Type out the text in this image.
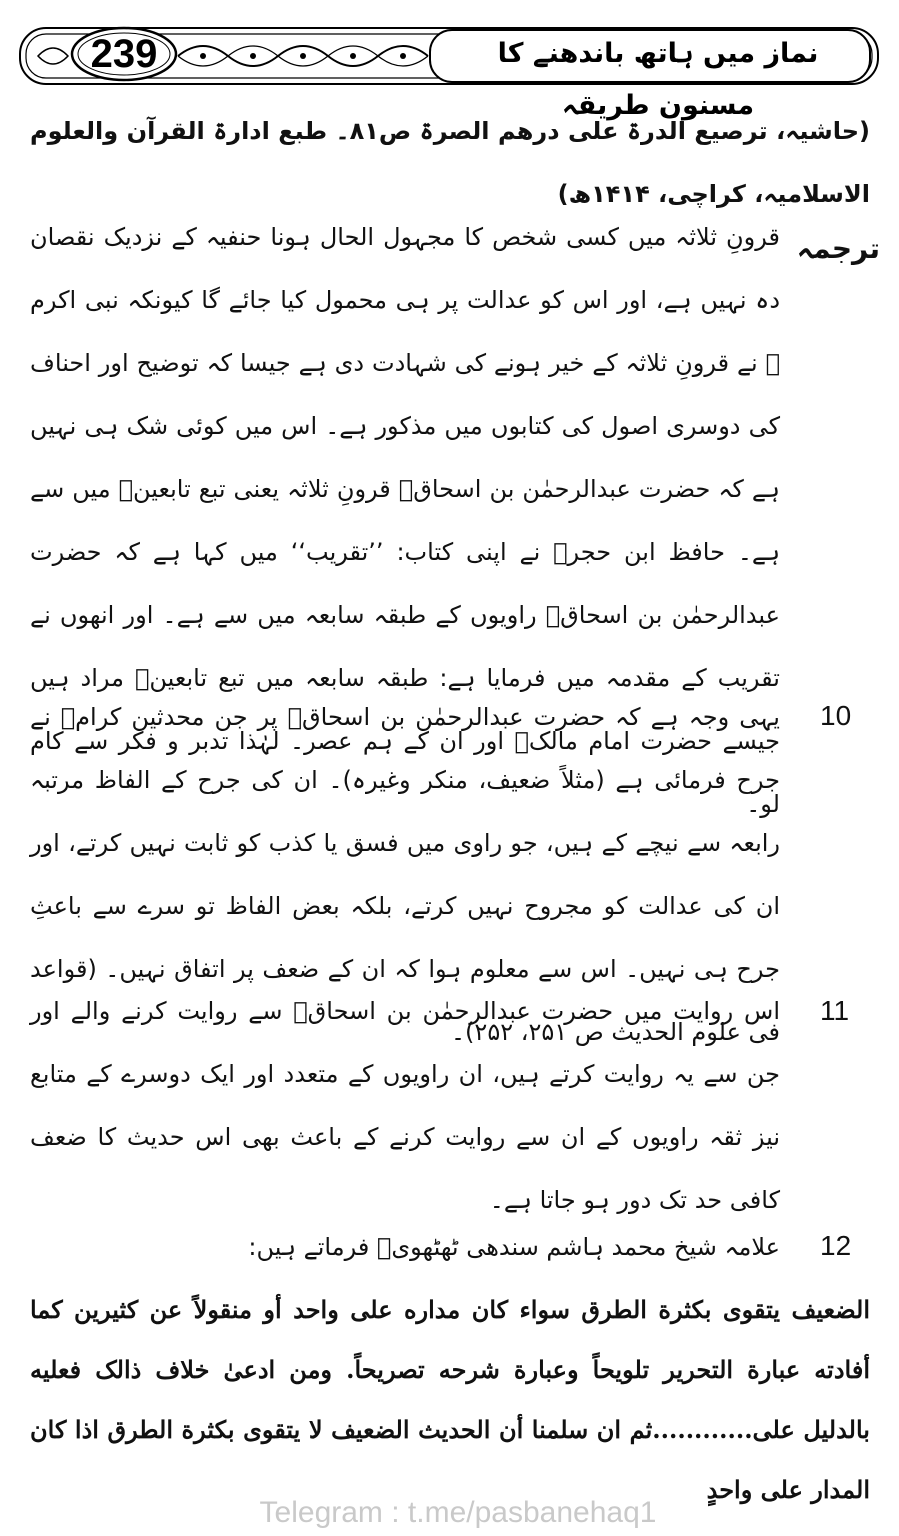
239	نماز میں ہاتھ باندھنے کا مسنون طریقہ
(حاشیہ، ترصیع الدرۃ علی درھم الصرۃ ص۸۱۔ طبع ادارۃ القرآن والعلوم الاسلامیہ، کراچی، ۱۴۱۴ھ)
ترجمہ
قرونِ ثلاثہ میں کسی شخص کا مجہول الحال ہونا حنفیہ کے نزدیک نقصان دہ نہیں ہے، اور اس کو عدالت پر ہی محمول کیا جائے گا کیونکہ نبی اکرم ﷺ نے قرونِ ثلاثہ کے خیر ہونے کی شہادت دی ہے جیسا کہ توضیح اور احناف کی دوسری اصول کی کتابوں میں مذکور ہے۔ اس میں کوئی شک ہی نہیں ہے کہ حضرت عبدالرحمٰن بن اسحاقؒ قرونِ ثلاثہ یعنی تبع تابعینؒ میں سے ہے۔ حافظ ابن حجرؒ نے اپنی کتاب: ’’تقریب‘‘ میں کہا ہے کہ حضرت عبدالرحمٰن بن اسحاقؒ راویوں کے طبقہ سابعہ میں سے ہے۔ اور انھوں نے تقریب کے مقدمہ میں فرمایا ہے: طبقہ سابعہ میں تبع تابعینؒ مراد ہیں جیسے حضرت امام مالکؒ اور ان کے ہم عصر۔ لہٰذا تدبر و فکر سے کام لو۔
10
یہی وجہ ہے کہ حضرت عبدالرحمٰن بن اسحاقؒ پر جن محدثین کرامؒ نے جرح فرمائی ہے (مثلاً ضعیف، منکر وغیرہ)۔ ان کی جرح کے الفاظ مرتبہ رابعہ سے نیچے کے ہیں، جو راوی میں فسق یا کذب کو ثابت نہیں کرتے، اور ان کی عدالت کو مجروح نہیں کرتے، بلکہ بعض الفاظ تو سرے سے باعثِ جرح ہی نہیں۔ اس سے معلوم ہوا کہ ان کے ضعف پر اتفاق نہیں۔ (قواعد فی علوم الحدیث ص ۲۵۱، ۲۵۲)۔
11
اس روایت میں حضرت عبدالرحمٰن بن اسحاقؒ سے روایت کرنے والے اور جن سے یہ روایت کرتے ہیں، ان راویوں کے متعدد اور ایک دوسرے کے متابع نیز ثقہ راویوں کے ان سے روایت کرنے کے باعث بھی اس حدیث کا ضعف کافی حد تک دور ہو جاتا ہے۔
12
علامہ شیخ محمد ہاشم سندھی ٹھٹھویؒ فرماتے ہیں:
الضعيف يتقوى بكثرة الطرق سواء كان مداره على واحد أو منقولاً عن كثيرين كما أفادته عبارة التحرير تلويحاً وعبارة شرحه تصريحاً. ومن ادعىٰ خلاف ذالک فعليه بالدليل على............ثم ان سلمنا أن الحديث الضعيف لا يتقوى بكثرة الطرق اذا كان المدار على واحدٍ
Telegram : t.me/pasbanehaq1
